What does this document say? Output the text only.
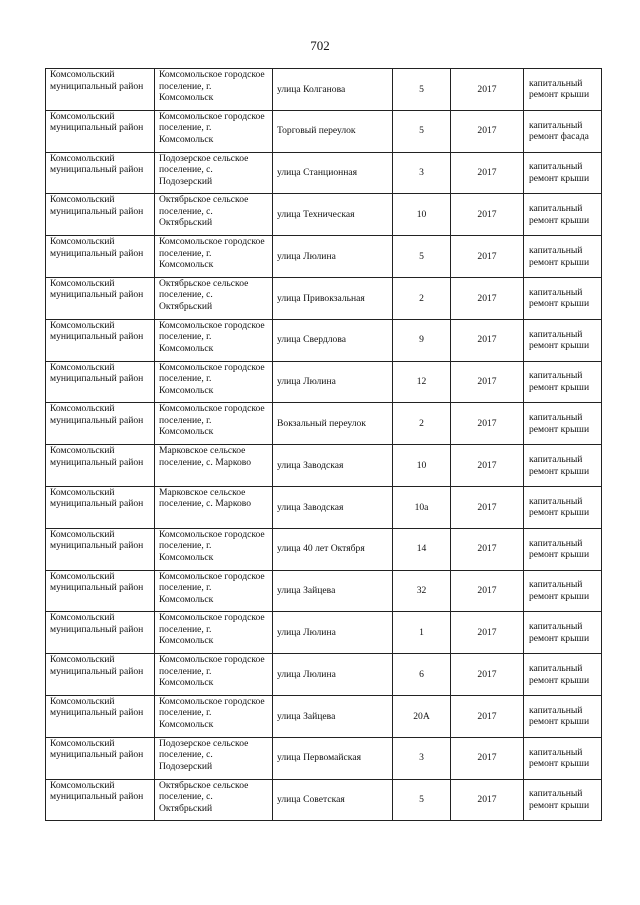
702
Комсомольский муниципальный район	Комсомольское городское поселение, г. Комсомольск	улица Колганова	5	2017	капитальный ремонт крыши
Комсомольский муниципальный район	Комсомольское городское поселение, г. Комсомольск	Торговый переулок	5	2017	капитальный ремонт фасада
Комсомольский муниципальный район	Подозерское сельское поселение, с. Подозерский	улица Станционная	3	2017	капитальный ремонт крыши
Комсомольский муниципальный район	Октябрьское сельское поселение, с. Октябрьский	улица Техническая	10	2017	капитальный ремонт крыши
Комсомольский муниципальный район	Комсомольское городское поселение, г. Комсомольск	улица Люлина	5	2017	капитальный ремонт крыши
Комсомольский муниципальный район	Октябрьское сельское поселение, с. Октябрьский	улица Привокзальная	2	2017	капитальный ремонт крыши
Комсомольский муниципальный район	Комсомольское городское поселение, г. Комсомольск	улица Свердлова	9	2017	капитальный ремонт крыши
Комсомольский муниципальный район	Комсомольское городское поселение, г. Комсомольск	улица Люлина	12	2017	капитальный ремонт крыши
Комсомольский муниципальный район	Комсомольское городское поселение, г. Комсомольск	Вокзальный переулок	2	2017	капитальный ремонт крыши
Комсомольский муниципальный район	Марковское сельское поселение, с. Марково	улица Заводская	10	2017	капитальный ремонт крыши
Комсомольский муниципальный район	Марковское сельское поселение, с. Марково	улица Заводская	10а	2017	капитальный ремонт крыши
Комсомольский муниципальный район	Комсомольское городское поселение, г. Комсомольск	улица 40 лет Октября	14	2017	капитальный ремонт крыши
Комсомольский муниципальный район	Комсомольское городское поселение, г. Комсомольск	улица Зайцева	32	2017	капитальный ремонт крыши
Комсомольский муниципальный район	Комсомольское городское поселение, г. Комсомольск	улица Люлина	1	2017	капитальный ремонт крыши
Комсомольский муниципальный район	Комсомольское городское поселение, г. Комсомольск	улица Люлина	6	2017	капитальный ремонт крыши
Комсомольский муниципальный район	Комсомольское городское поселение, г. Комсомольск	улица Зайцева	20А	2017	капитальный ремонт крыши
Комсомольский муниципальный район	Подозерское сельское поселение, с. Подозерский	улица Первомайская	3	2017	капитальный ремонт крыши
Комсомольский муниципальный район	Октябрьское сельское поселение, с. Октябрьский	улица Советская	5	2017	капитальный ремонт крыши
